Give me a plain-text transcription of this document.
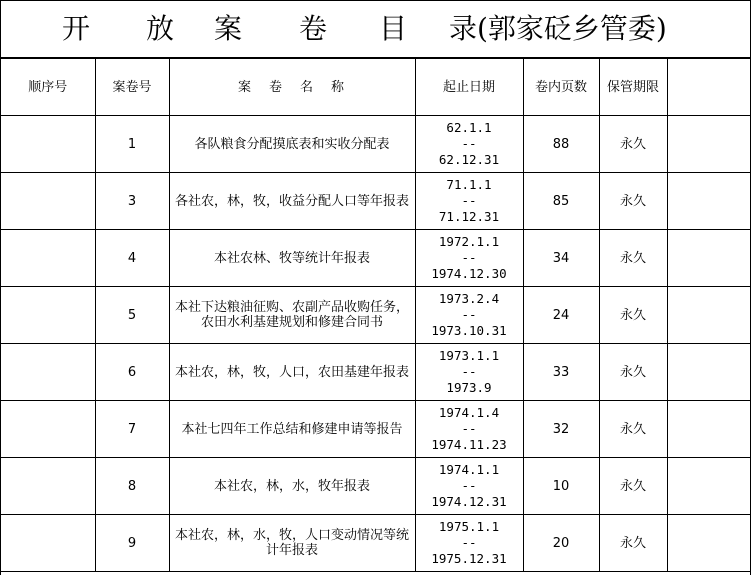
开 放 案 卷 目 录(郭家砭乡管委)
顺序号	案卷号	案卷名称	起止日期	卷内页数	保管期限	
	1	各队粮食分配摸底表和实收分配表	62.1.1
--
62.12.31	88	永久	
	3	各社农，林，牧，收益分配人口等年报表	71.1.1
--
71.12.31	85	永久	
	4	本社农林、牧等统计年报表	1972.1.1
--
1974.12.30	34	永久	
	5	本社下达粮油征购、农副产品收购任务，农田水利基建规划和修建合同书	1973.2.4
--
1973.10.31	24	永久	
	6	本社农，林，牧，人口，农田基建年报表	1973.1.1
--
1973.9	33	永久	
	7	本社七四年工作总结和修建申请等报告	1974.1.4
--
1974.11.23	32	永久	
	8	本社农，林，水，牧年报表	1974.1.1
--
1974.12.31	10	永久	
	9	本社农，林，水，牧，人口变动情况等统计年报表	1975.1.1
--
1975.12.31	20	永久	
